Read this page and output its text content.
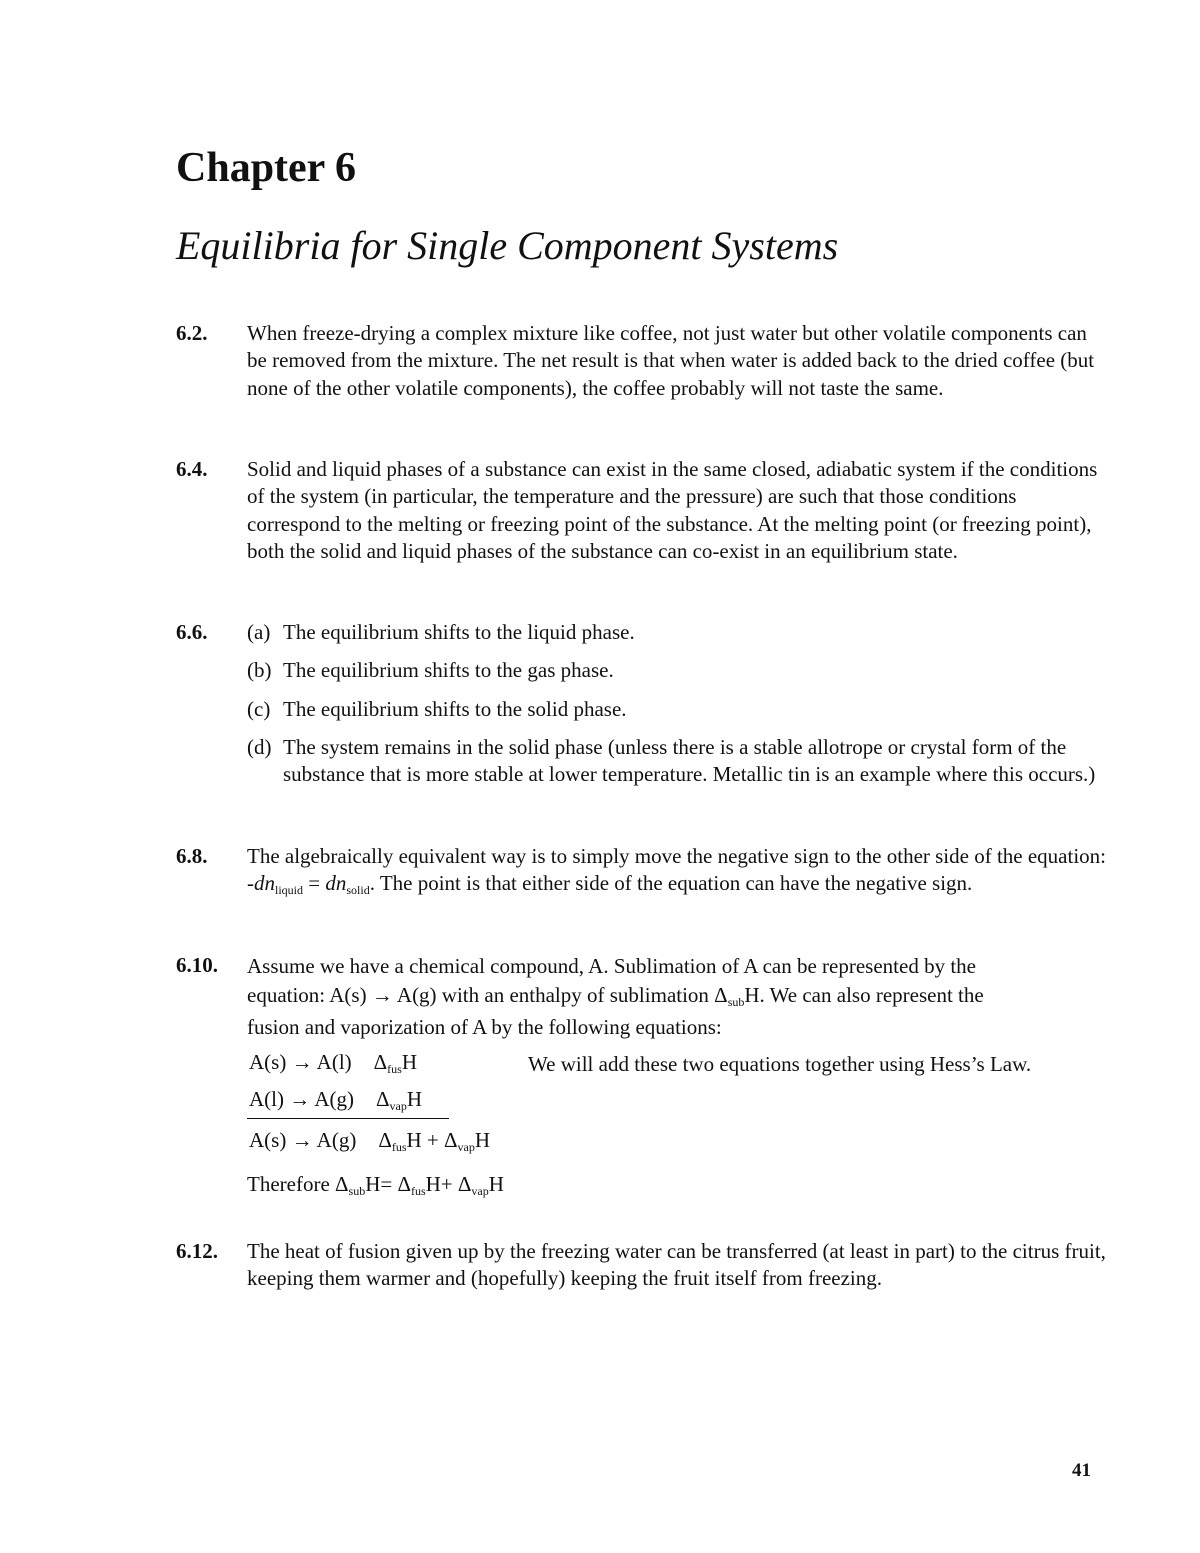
Chapter 6
Equilibria for Single Component Systems
6.2. When freeze-drying a complex mixture like coffee, not just water but other volatile components can be removed from the mixture. The net result is that when water is added back to the dried coffee (but none of the other volatile components), the coffee probably will not taste the same.

6.4. Solid and liquid phases of a substance can exist in the same closed, adiabatic system if the conditions of the system (in particular, the temperature and the pressure) are such that those conditions correspond to the melting or freezing point of the substance. At the melting point (or freezing point), both the solid and liquid phases of the substance can co-exist in an equilibrium state.

6.6. (a) The equilibrium shifts to the liquid phase.
(b) The equilibrium shifts to the gas phase.
(c) The equilibrium shifts to the solid phase.
(d) The system remains in the solid phase (unless there is a stable allotrope or crystal form of the substance that is more stable at lower temperature. Metallic tin is an example where this occurs.)
6.8. The algebraically equivalent way is to simply move the negative sign to the other side of the equation: -dnliquid = dnsolid. The point is that either side of the equation can have the negative sign.

6.10. Assume we have a chemical compound, A. Sublimation of A can be represented by the

equation: A(s) → A(g) with an enthalpy of sublimation ΔsubH. We can also represent the

fusion and vaporization of A by the following equations:

A(s) → A(l) $\Delta_{fus}H$
A(l) → A(g) $\Delta_{vap}H$
A(s) → A(g) $\Delta_{fus}H + \Delta_{vap}H$
We will add these two equations together using Hess’s Law.
Therefore $\Delta_{sub}H= \Delta_{fus}H+ \Delta_{vap}H$
6.12. The heat of fusion given up by the freezing water can be transferred (at least in part) to the citrus fruit, keeping them warmer and (hopefully) keeping the fruit itself from freezing.

41
